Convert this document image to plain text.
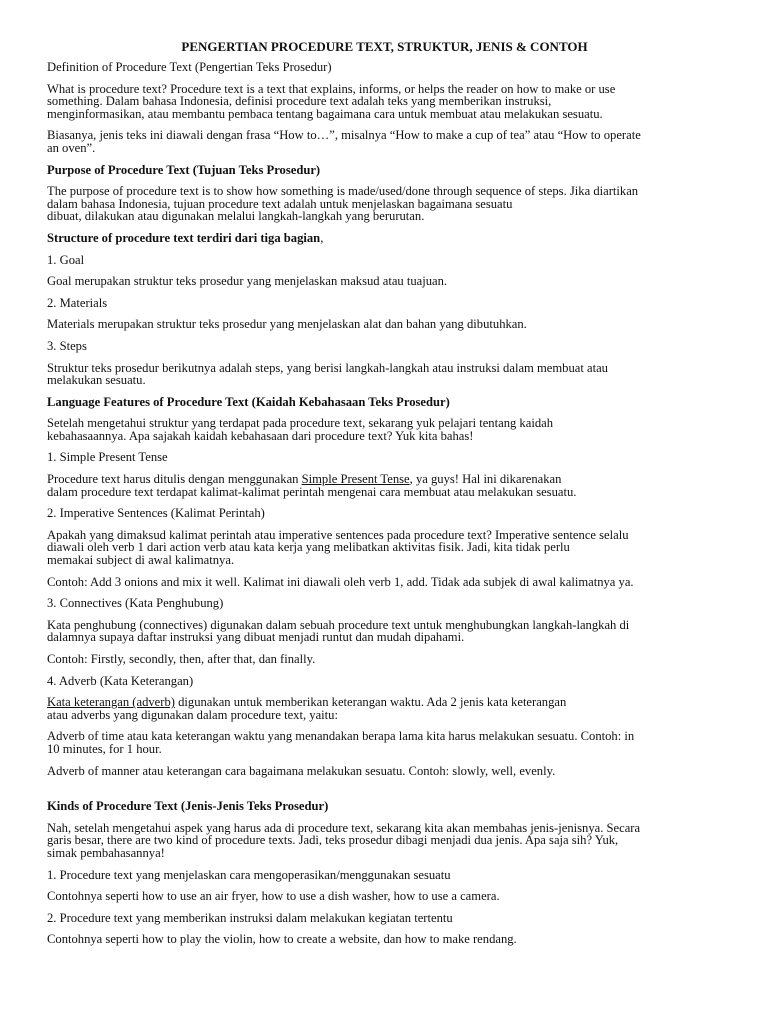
PENGERTIAN PROCEDURE TEXT, STRUKTUR, JENIS & CONTOH

Definition of Procedure Text (Pengertian Teks Prosedur)

What is procedure text? Procedure text is a text that explains, informs, or helps the reader on how to make or use
something. Dalam bahasa Indonesia, definisi procedure text adalah teks yang memberikan instruksi,
menginformasikan, atau membantu pembaca tentang bagaimana cara untuk membuat atau melakukan sesuatu.

Biasanya, jenis teks ini diawali dengan frasa “How to…”, misalnya “How to make a cup of tea” atau “How to operate
an oven”.

Purpose of Procedure Text (Tujuan Teks Prosedur)

The purpose of procedure text is to show how something is made/used/done through sequence of steps. Jika diartikan
dalam bahasa Indonesia, tujuan procedure text adalah untuk menjelaskan bagaimana sesuatu
dibuat, dilakukan atau digunakan melalui langkah-langkah yang berurutan.

Structure of procedure text terdiri dari tiga bagian,

1. Goal

Goal merupakan struktur teks prosedur yang menjelaskan maksud atau tuajuan.

2. Materials

Materials merupakan struktur teks prosedur yang menjelaskan alat dan bahan yang dibutuhkan.

3. Steps

Struktur teks prosedur berikutnya adalah steps, yang berisi langkah-langkah atau instruksi dalam membuat atau
melakukan sesuatu.

Language Features of Procedure Text (Kaidah Kebahasaan Teks Prosedur)

Setelah mengetahui struktur yang terdapat pada procedure text, sekarang yuk pelajari tentang kaidah
kebahasaannya. Apa sajakah kaidah kebahasaan dari procedure text? Yuk kita bahas!

1. Simple Present Tense

Procedure text harus ditulis dengan menggunakan Simple Present Tense, ya guys! Hal ini dikarenakan
dalam procedure text terdapat kalimat-kalimat perintah mengenai cara membuat atau melakukan sesuatu.

2. Imperative Sentences (Kalimat Perintah)

Apakah yang dimaksud kalimat perintah atau imperative sentences pada procedure text? Imperative sentence selalu
diawali oleh verb 1 dari action verb atau kata kerja yang melibatkan aktivitas fisik. Jadi, kita tidak perlu
memakai subject di awal kalimatnya.

Contoh: Add 3 onions and mix it well. Kalimat ini diawali oleh verb 1, add. Tidak ada subjek di awal kalimatnya ya.

3. Connectives (Kata Penghubung)

Kata penghubung (connectives) digunakan dalam sebuah procedure text untuk menghubungkan langkah-langkah di
dalamnya supaya daftar instruksi yang dibuat menjadi runtut dan mudah dipahami.

Contoh: Firstly, secondly, then, after that, dan finally.

4. Adverb (Kata Keterangan)

Kata keterangan (adverb) digunakan untuk memberikan keterangan waktu. Ada 2 jenis kata keterangan
atau adverbs yang digunakan dalam procedure text, yaitu:

Adverb of time atau kata keterangan waktu yang menandakan berapa lama kita harus melakukan sesuatu. Contoh: in
10 minutes, for 1 hour.

Adverb of manner atau keterangan cara bagaimana melakukan sesuatu. Contoh: slowly, well, evenly.

Kinds of Procedure Text (Jenis-Jenis Teks Prosedur)

Nah, setelah mengetahui aspek yang harus ada di procedure text, sekarang kita akan membahas jenis-jenisnya. Secara
garis besar, there are two kind of procedure texts. Jadi, teks prosedur dibagi menjadi dua jenis. Apa saja sih? Yuk,
simak pembahasannya!

1. Procedure text yang menjelaskan cara mengoperasikan/menggunakan sesuatu

Contohnya seperti how to use an air fryer, how to use a dish washer, how to use a camera.

2. Procedure text yang memberikan instruksi dalam melakukan kegiatan tertentu

Contohnya seperti how to play the violin, how to create a website, dan how to make rendang.
